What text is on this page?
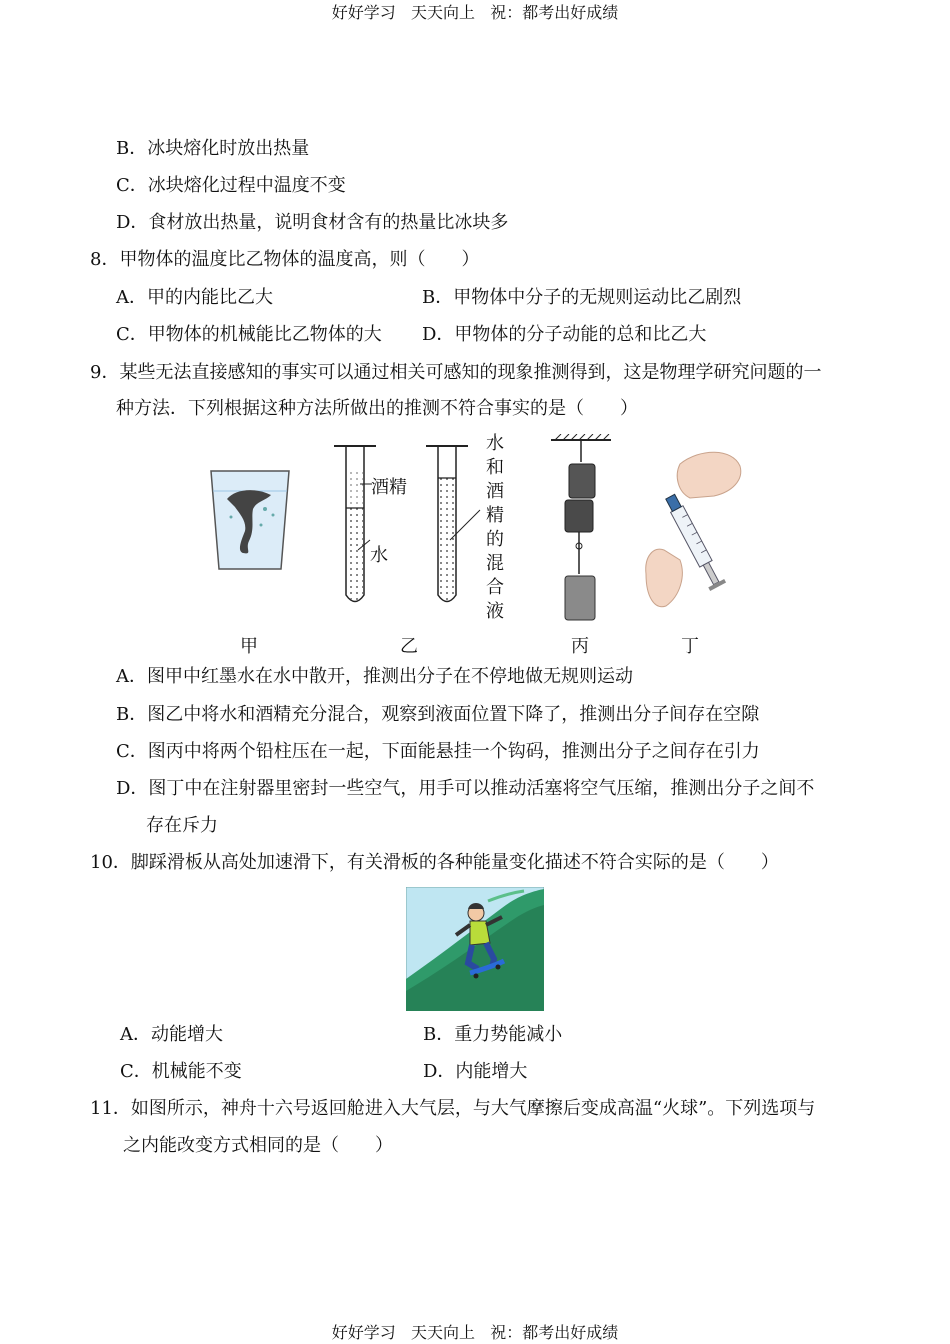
好好学习   天天向上   祝：都考出好成绩
B．冰块熔化时放出热量
C．冰块熔化过程中温度不变
D．食材放出热量，说明食材含有的热量比冰块多
8．甲物体的温度比乙物体的温度高，则（　　）
A．甲的内能比乙大	B．甲物体中分子的无规则运动比乙剧烈
C．甲物体的机械能比乙物体的大 D．甲物体的分子动能的总和比乙大
9．某些无法直接感知的事实可以通过相关可感知的现象推测得到，这是物理学研究问题的一
种方法．下列根据这种方法所做出的推测不符合事实的是（　　）
酒精
水
水
和
酒
精
的
混
合
液
甲	乙	丙	丁
A．图甲中红墨水在水中散开，推测出分子在不停地做无规则运动
B．图乙中将水和酒精充分混合，观察到液面位置下降了，推测出分子间存在空隙
C．图丙中将两个铅柱压在一起，下面能悬挂一个钩码，推测出分子之间存在引力
D．图丁中在注射器里密封一些空气，用手可以推动活塞将空气压缩，推测出分子之间不
存在斥力
10．脚踩滑板从高处加速滑下，有关滑板的各种能量变化描述不符合实际的是（　　）
A．动能增大	B．重力势能减小
C．机械能不变	D．内能增大
11．如图所示，神舟十六号返回舱进入大气层，与大气摩擦后变成高温“火球”。下列选项与
之内能改变方式相同的是（　　）
好好学习   天天向上   祝：都考出好成绩
